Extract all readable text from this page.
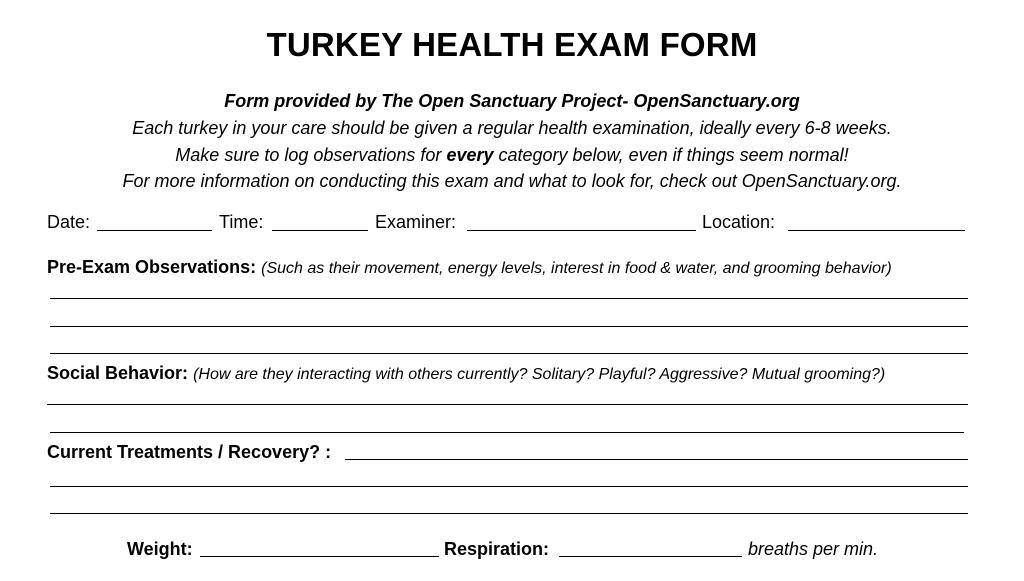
TURKEY HEALTH EXAM FORM
Form provided by The Open Sanctuary Project- OpenSanctuary.org
Each turkey in your care should be given a regular health examination, ideally every 6-8 weeks.
Make sure to log observations for every category below, even if things seem normal!
For more information on conducting this exam and what to look for, check out OpenSanctuary.org.
Date:	Time:	Examiner:	Location:
Pre-Exam Observations: (Such as their movement, energy levels, interest in food & water, and grooming behavior)
Social Behavior: (How are they interacting with others currently? Solitary? Playful? Aggressive? Mutual grooming?)
Current Treatments / Recovery? :
Weight:	Respiration:	breaths per min.
